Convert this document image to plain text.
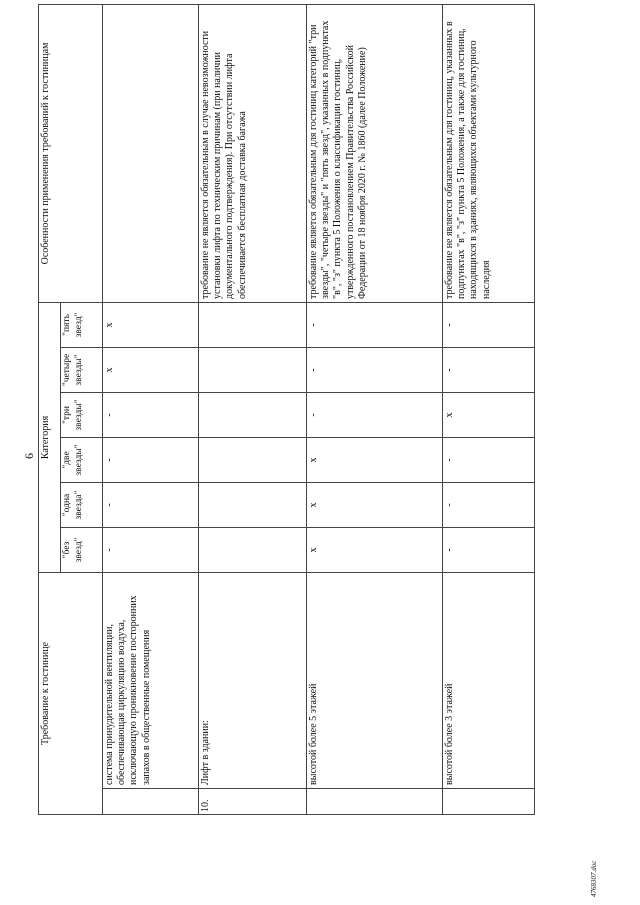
6
Требование к гостинице		Категория						Особенности применения требований к гостиницам
		"без звезд"	"одна звезда"	"две звезды"	"три звезды"	"четыре звезды"	"пять звезд"	
	система принудительной вентиляции, обеспечивающая циркуляцию воздуха, исключающую проникновение посторонних запахов в общественные помещения	-	-	-	-	x	x	
10.	Лифт в здании:							требование не является обязательным в случае невозможности установки лифта по техническим причинам (при наличии документального подтверждения). При отсутствии лифта обеспечивается бесплатная доставка багажа
	высотой более 5 этажей	x	x	x	-	-	-	требование является обязательным для гостиниц категорий "три звезды", "четыре звезды" и "пять звезд", указанных в подпунктах "в", "з" пункта 5 Положения о классификации гостиниц, утвержденного постановлением Правительства Российской Федерации от 18 ноября 2020 г. № 1860 (далее Положение)
	высотой более 3 этажей	-	-	-	x	-	-	требование не является обязательным для гостиниц, указанных в подпунктах "в", "з" пункта 5 Положения, а также для гостиниц, находящихся в зданиях, являющихся объектами культурного наследия
4768307.doc
